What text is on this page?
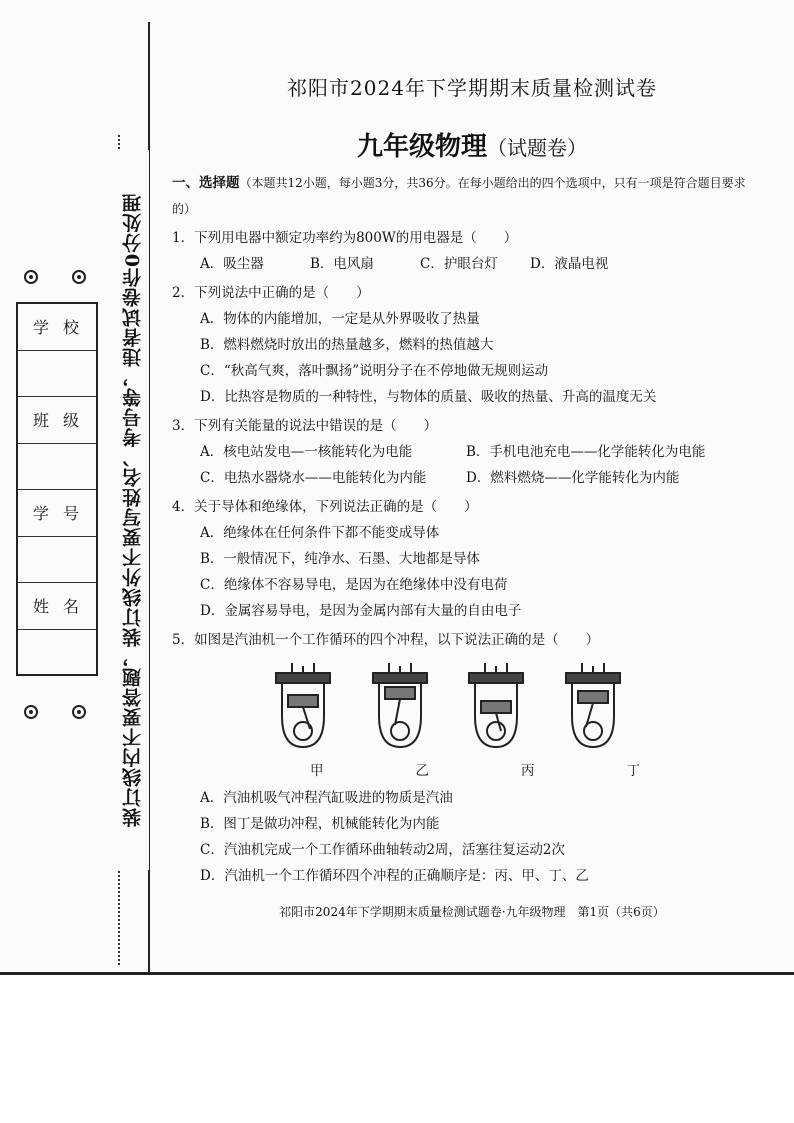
学校
班级
学号
姓名 装订线内不要答题，装订线外不要写姓名、考号等，违者试卷作0分处理
祁阳市2024年下学期期末质量检测试卷
九年级物理（试题卷）
一、选择题（本题共12小题，每小题3分，共36分。在每小题给出的四个选项中，只有一项是符合题目要求的）
1．下列用电器中额定功率约为800W的用电器是（　　）
A．吸尘器	B．电风扇	C．护眼台灯	D．液晶电视
2．下列说法中正确的是（　　）
A．物体的内能增加，一定是从外界吸收了热量
B．燃料燃烧时放出的热量越多，燃料的热值越大
C．“秋高气爽，落叶飘扬”说明分子在不停地做无规则运动
D．比热容是物质的一种特性，与物体的质量、吸收的热量、升高的温度无关
3．下列有关能量的说法中错误的是（　　）
A．核电站发电—一核能转化为电能	B．手机电池充电——化学能转化为电能
C．电热水器烧水——电能转化为内能	D．燃料燃烧——化学能转化为内能
4．关于导体和绝缘体，下列说法正确的是（　　）
A．绝缘体在任何条件下都不能变成导体
B．一般情况下，纯净水、石墨、大地都是导体
C．绝缘体不容易导电，是因为在绝缘体中没有电荷
D．金属容易导电，是因为金属内部有大量的自由电子
5．如图是汽油机一个工作循环的四个冲程，以下说法正确的是（　　）
甲	乙	丙	丁
A．汽油机吸气冲程汽缸吸进的物质是汽油
B．图丁是做功冲程，机械能转化为内能
C．汽油机完成一个工作循环曲轴转动2周，活塞往复运动2次
D．汽油机一个工作循环四个冲程的正确顺序是：丙、甲、丁、乙
祁阳市2024年下学期期末质量检测试题卷·九年级物理　第1页（共6页）
